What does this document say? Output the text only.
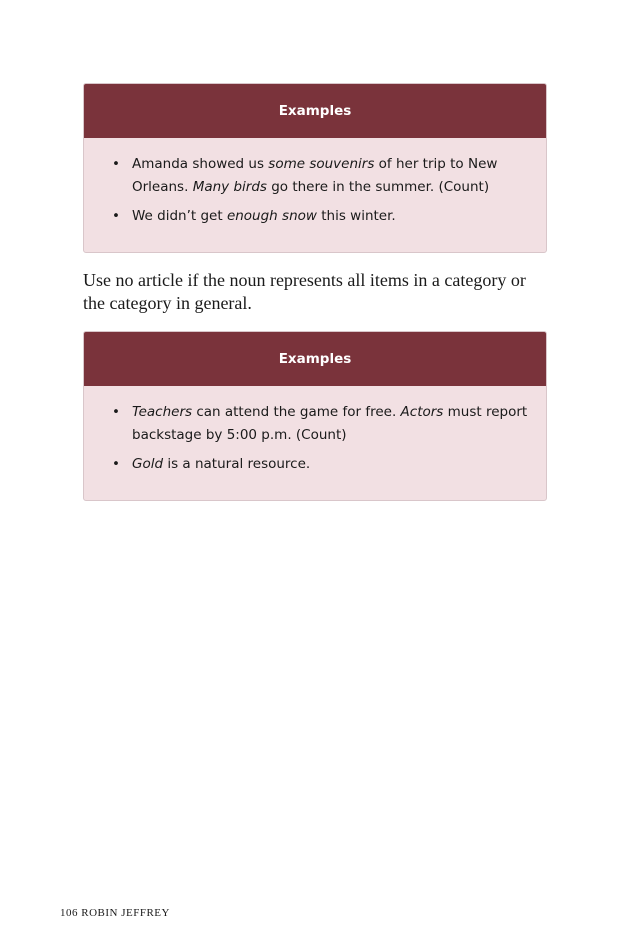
Examples
• Amanda showed us some souvenirs of her trip to New Orleans. Many birds go there in the summer. (Count)
• We didn’t get enough snow this winter.
Use no article if the noun represents all items in a category or the category in general.
Examples
• Teachers can attend the game for free. Actors must report backstage by 5:00 p.m. (Count)
• Gold is a natural resource.
106 ROBIN JEFFREY
